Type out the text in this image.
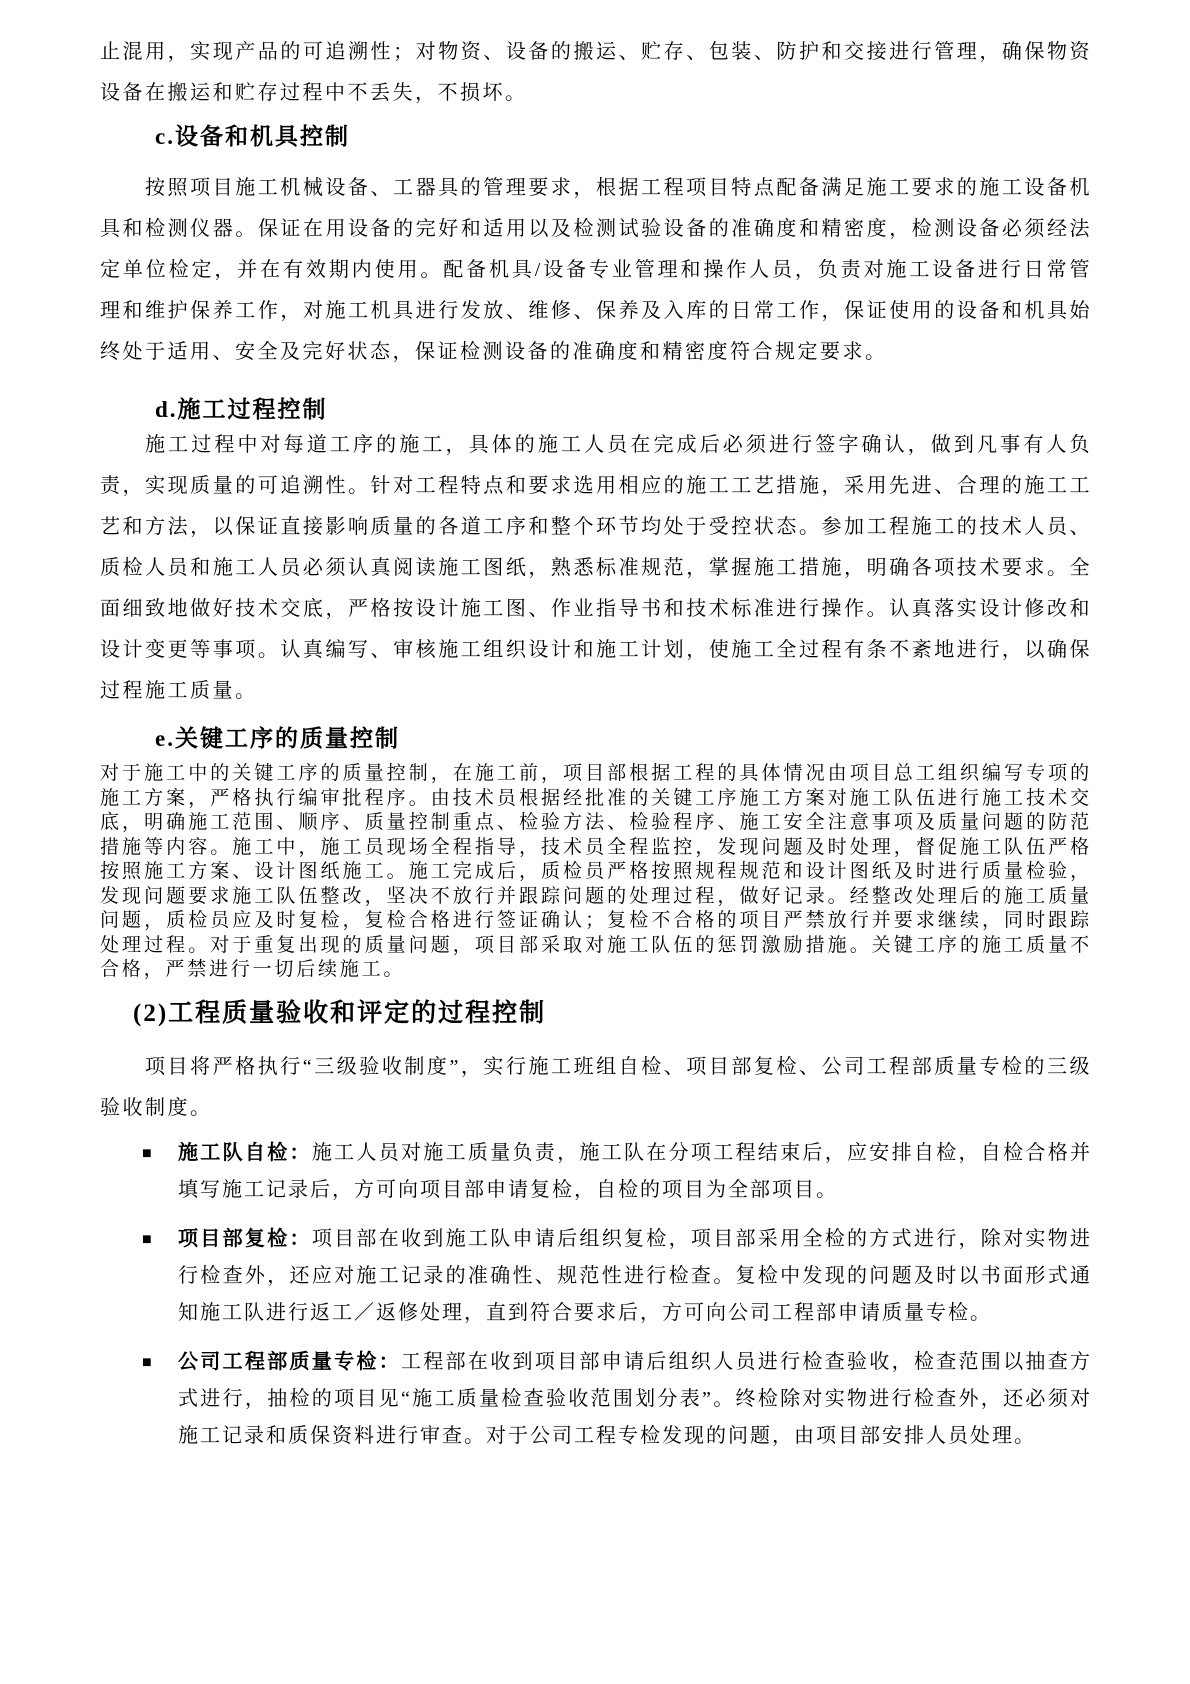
止混用，实现产品的可追溯性；对物资、设备的搬运、贮存、包装、防护和交接进行管理，确保物资设备在搬运和贮存过程中不丢失，不损坏。

c.设备和机具控制

按照项目施工机械设备、工器具的管理要求，根据工程项目特点配备满足施工要求的施工设备机具和检测仪器。保证在用设备的完好和适用以及检测试验设备的准确度和精密度，检测设备必须经法定单位检定，并在有效期内使用。配备机具/设备专业管理和操作人员，负责对施工设备进行日常管理和维护保养工作，对施工机具进行发放、维修、保养及入库的日常工作，保证使用的设备和机具始终处于适用、安全及完好状态，保证检测设备的准确度和精密度符合规定要求。

d.施工过程控制

施工过程中对每道工序的施工，具体的施工人员在完成后必须进行签字确认，做到凡事有人负责，实现质量的可追溯性。针对工程特点和要求选用相应的施工工艺措施，采用先进、合理的施工工艺和方法，以保证直接影响质量的各道工序和整个环节均处于受控状态。参加工程施工的技术人员、质检人员和施工人员必须认真阅读施工图纸，熟悉标准规范，掌握施工措施，明确各项技术要求。全面细致地做好技术交底，严格按设计施工图、作业指导书和技术标准进行操作。认真落实设计修改和设计变更等事项。认真编写、审核施工组织设计和施工计划，使施工全过程有条不紊地进行，以确保过程施工质量。

e.关键工序的质量控制

对于施工中的关键工序的质量控制，在施工前，项目部根据工程的具体情况由项目总工组织编写专项的施工方案，严格执行编审批程序。由技术员根据经批准的关键工序施工方案对施工队伍进行施工技术交底，明确施工范围、顺序、质量控制重点、检验方法、检验程序、施工安全注意事项及质量问题的防范措施等内容。施工中，施工员现场全程指导，技术员全程监控，发现问题及时处理，督促施工队伍严格按照施工方案、设计图纸施工。施工完成后，质检员严格按照规程规范和设计图纸及时进行质量检验，发现问题要求施工队伍整改，坚决不放行并跟踪问题的处理过程，做好记录。经整改处理后的施工质量问题，质检员应及时复检，复检合格进行签证确认；复检不合格的项目严禁放行并要求继续，同时跟踪处理过程。对于重复出现的质量问题，项目部采取对施工队伍的惩罚激励措施。关键工序的施工质量不合格，严禁进行一切后续施工。

(2)工程质量验收和评定的过程控制

项目将严格执行“三级验收制度”，实行施工班组自检、项目部复检、公司工程部质量专检的三级验收制度。

■ 施工队自检：施工人员对施工质量负责，施工队在分项工程结束后，应安排自检，自检合格并填写施工记录后，方可向项目部申请复检，自检的项目为全部项目。
■ 项目部复检：项目部在收到施工队申请后组织复检，项目部采用全检的方式进行，除对实物进行检查外，还应对施工记录的准确性、规范性进行检查。复检中发现的问题及时以书面形式通知施工队进行返工／返修处理，直到符合要求后，方可向公司工程部申请质量专检。
■ 公司工程部质量专检：工程部在收到项目部申请后组织人员进行检查验收，检查范围以抽查方式进行，抽检的项目见“施工质量检查验收范围划分表”。终检除对实物进行检查外，还必须对施工记录和质保资料进行审查。对于公司工程专检发现的问题，由项目部安排人员处理。
